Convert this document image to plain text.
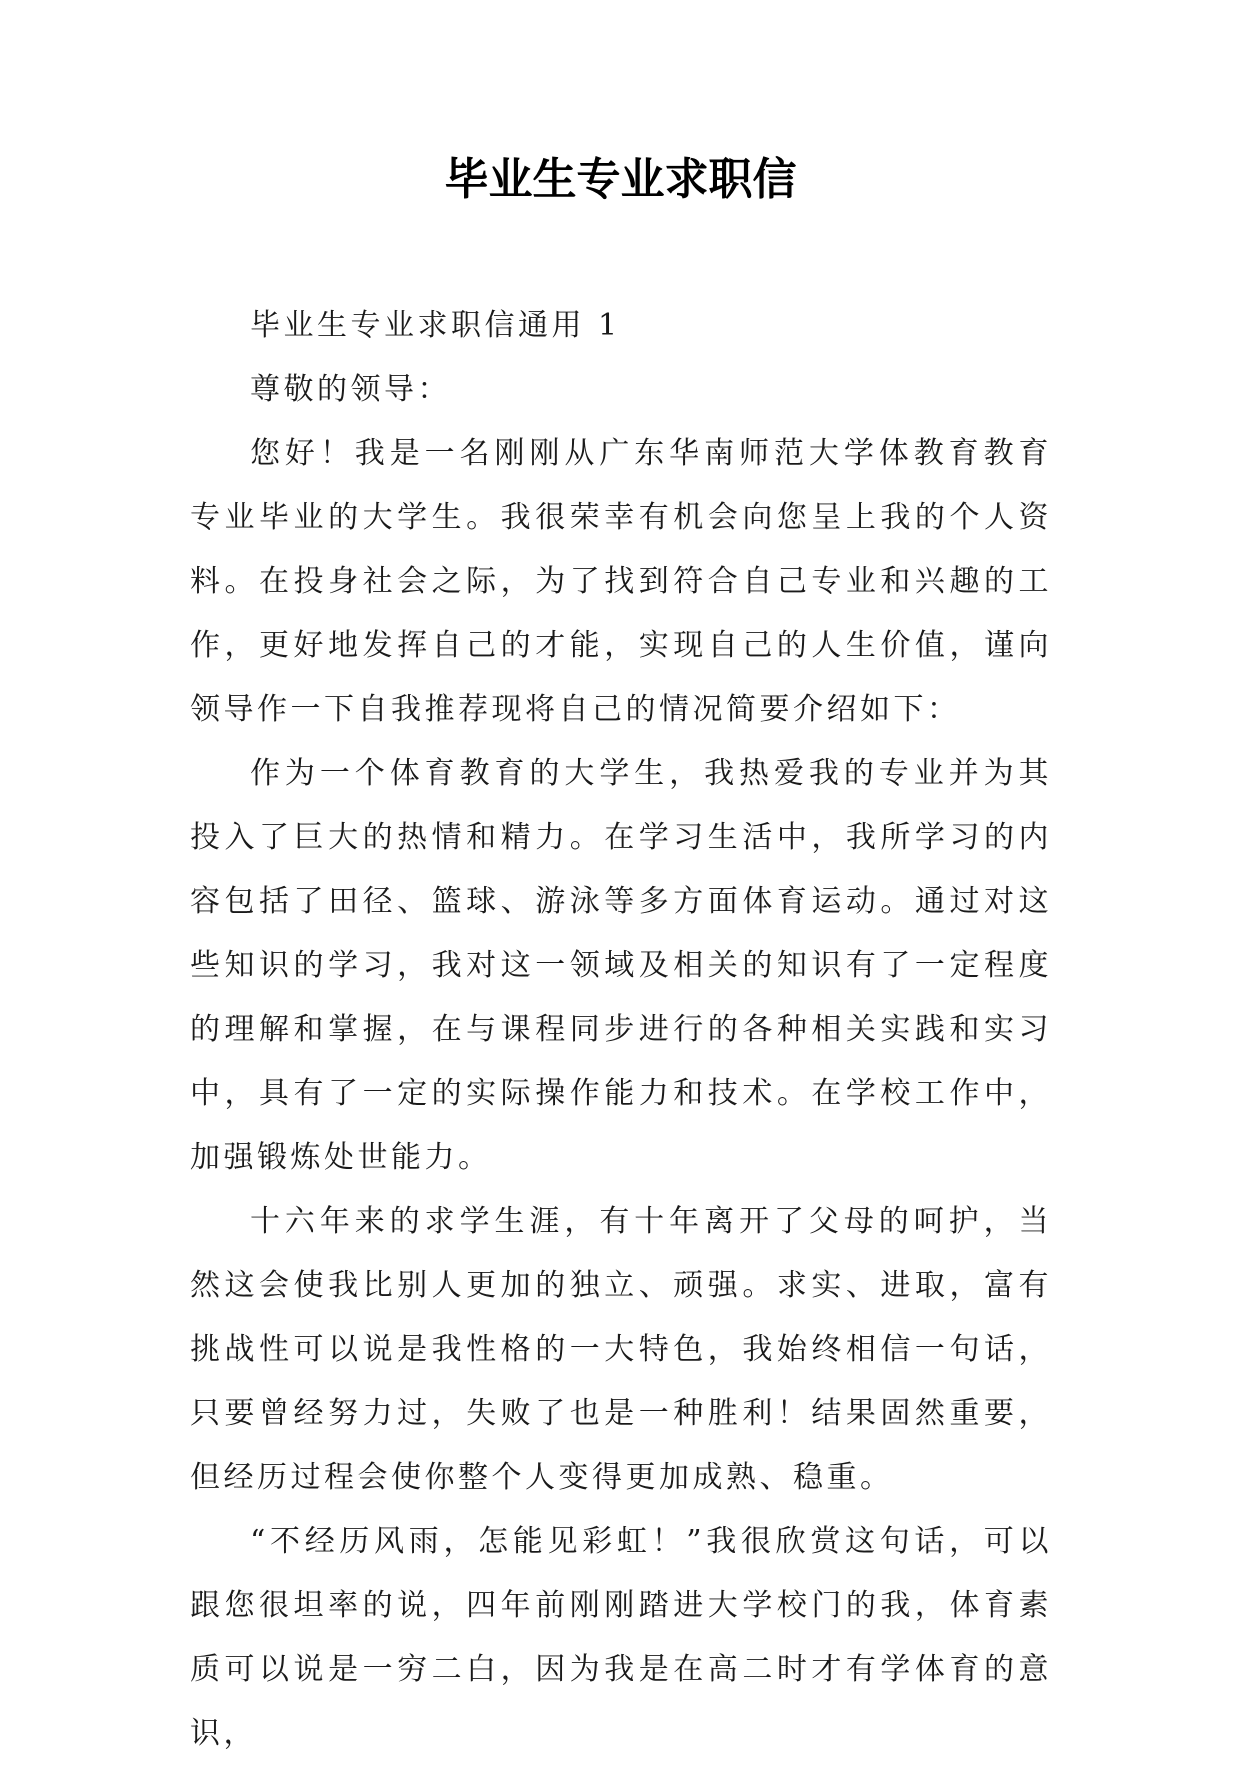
毕业生专业求职信

毕业生专业求职信通用 1

尊敬的领导：

您好！我是一名刚刚从广东华南师范大学体教育教育专业毕业的大学生。我很荣幸有机会向您呈上我的个人资料。在投身社会之际，为了找到符合自己专业和兴趣的工作，更好地发挥自己的才能，实现自己的人生价值，谨向领导作一下自我推荐现将自己的情况简要介绍如下：

作为一个体育教育的大学生，我热爱我的专业并为其投入了巨大的热情和精力。在学习生活中，我所学习的内容包括了田径、篮球、游泳等多方面体育运动。通过对这些知识的学习，我对这一领域及相关的知识有了一定程度的理解和掌握，在与课程同步进行的各种相关实践和实习中，具有了一定的实际操作能力和技术。在学校工作中，加强锻炼处世能力。

十六年来的求学生涯，有十年离开了父母的呵护，当然这会使我比别人更加的独立、顽强。求实、进取，富有挑战性可以说是我性格的一大特色，我始终相信一句话，只要曾经努力过，失败了也是一种胜利！结果固然重要，但经历过程会使你整个人变得更加成熟、稳重。

“不经历风雨，怎能见彩虹！”我很欣赏这句话，可以跟您很坦率的说，四年前刚刚踏进大学校门的我，体育素质可以说是一穷二白，因为我是在高二时才有学体育的意识，
